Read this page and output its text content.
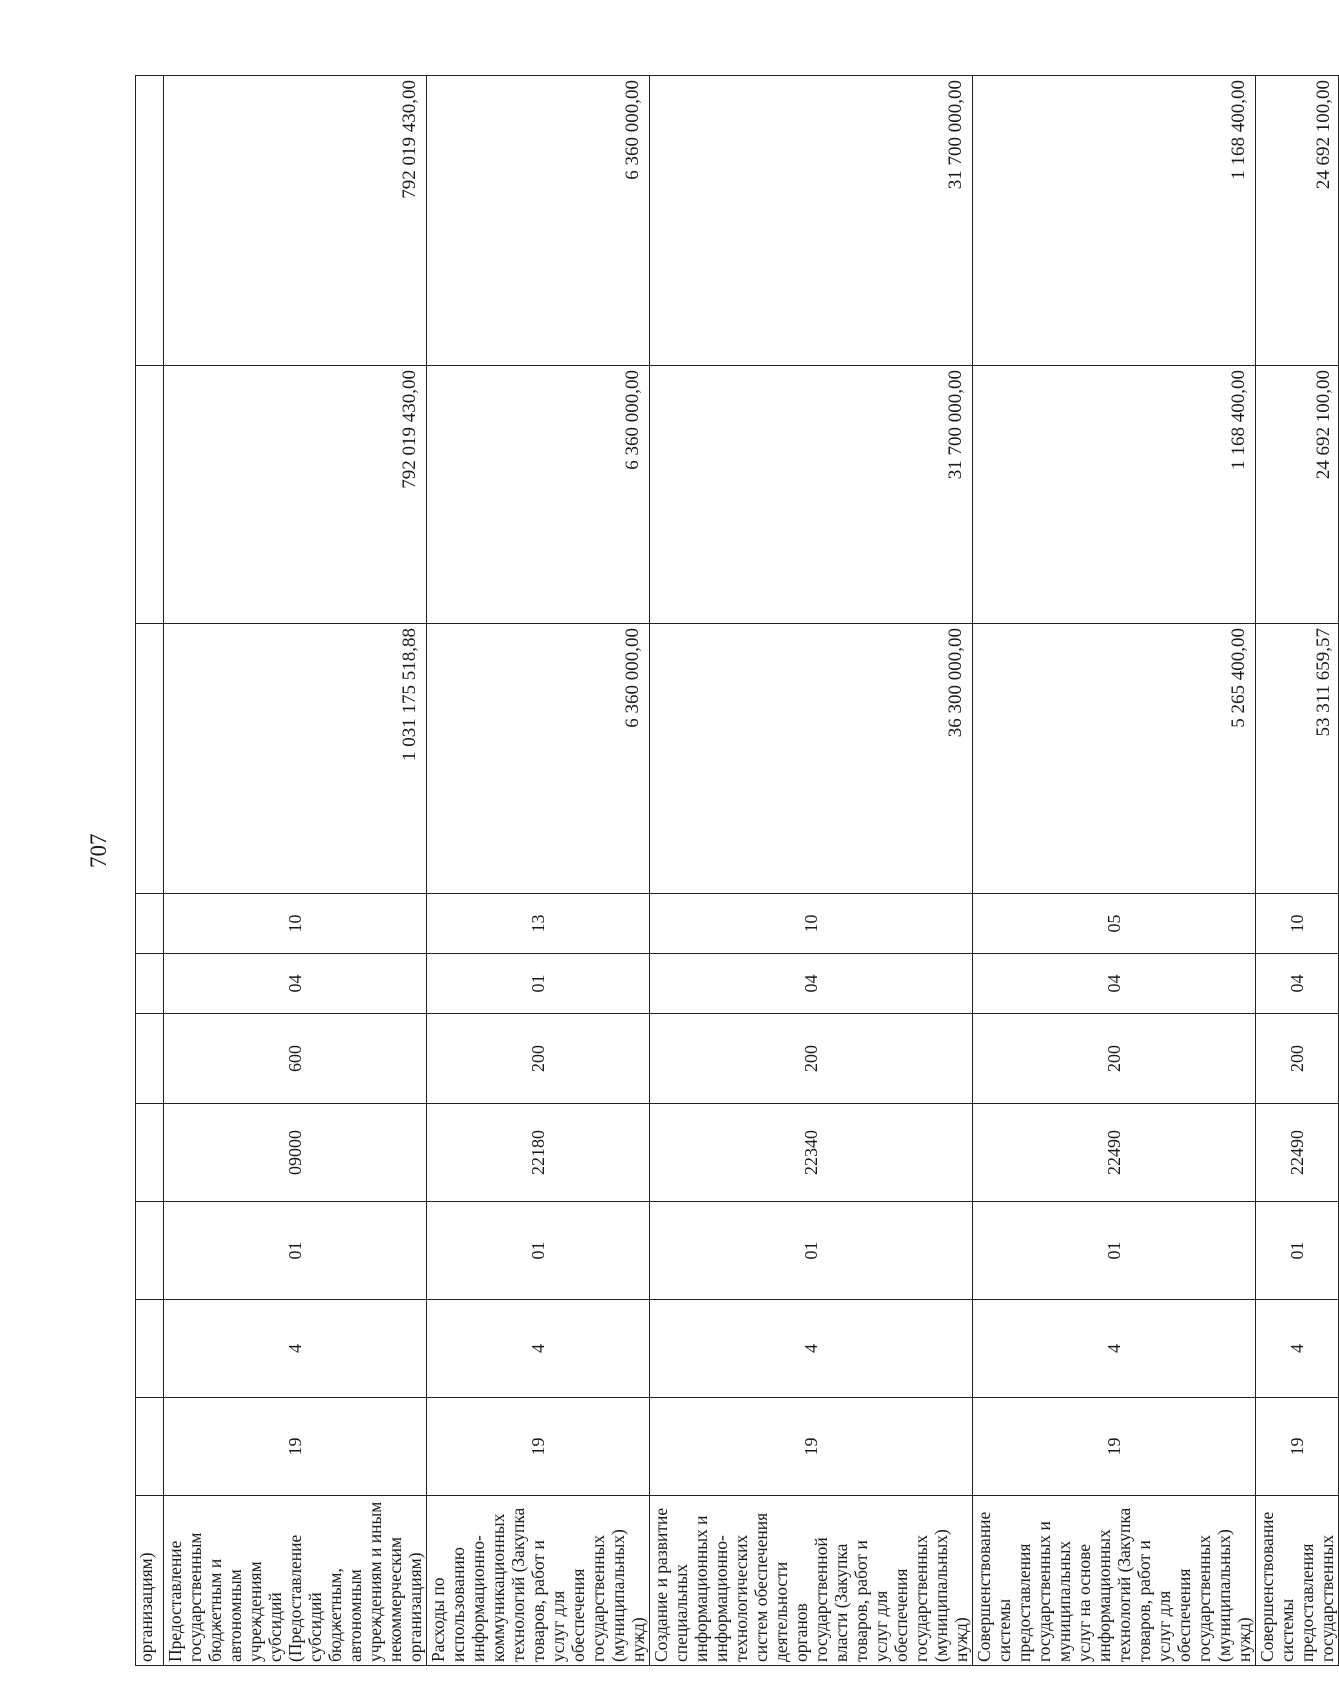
707
организациям)										
Предоставление государственным бюджетным и автономным учреждениям субсидий (Предоставление субсидий бюджетным, автономным учреждениям и иным некоммерческим организациям)	19	4	01	09000	600	04	10	1 031 175 518,88	792 019 430,00	792 019 430,00
Расходы по использованию информационно-коммуникационных технологий (Закупка товаров, работ и услуг для обеспечения государственных (муниципальных) нужд)	19	4	01	22180	200	01	13	6 360 000,00	6 360 000,00	6 360 000,00
Создание и развитие специальных информационных и информационно-технологических систем обеспечения деятельности органов государственной власти (Закупка товаров, работ и услуг для обеспечения государственных (муниципальных) нужд)	19	4	01	22340	200	04	10	36 300 000,00	31 700 000,00	31 700 000,00
Совершенствование системы предоставления государственных и муниципальных услуг на основе информационных технологий (Закупка товаров, работ и услуг для обеспечения государственных (муниципальных) нужд)	19	4	01	22490	200	04	05	5 265 400,00	1 168 400,00	1 168 400,00
Совершенствование системы предоставления государственных	19	4	01	22490	200	04	10	53 311 659,57	24 692 100,00	24 692 100,00
